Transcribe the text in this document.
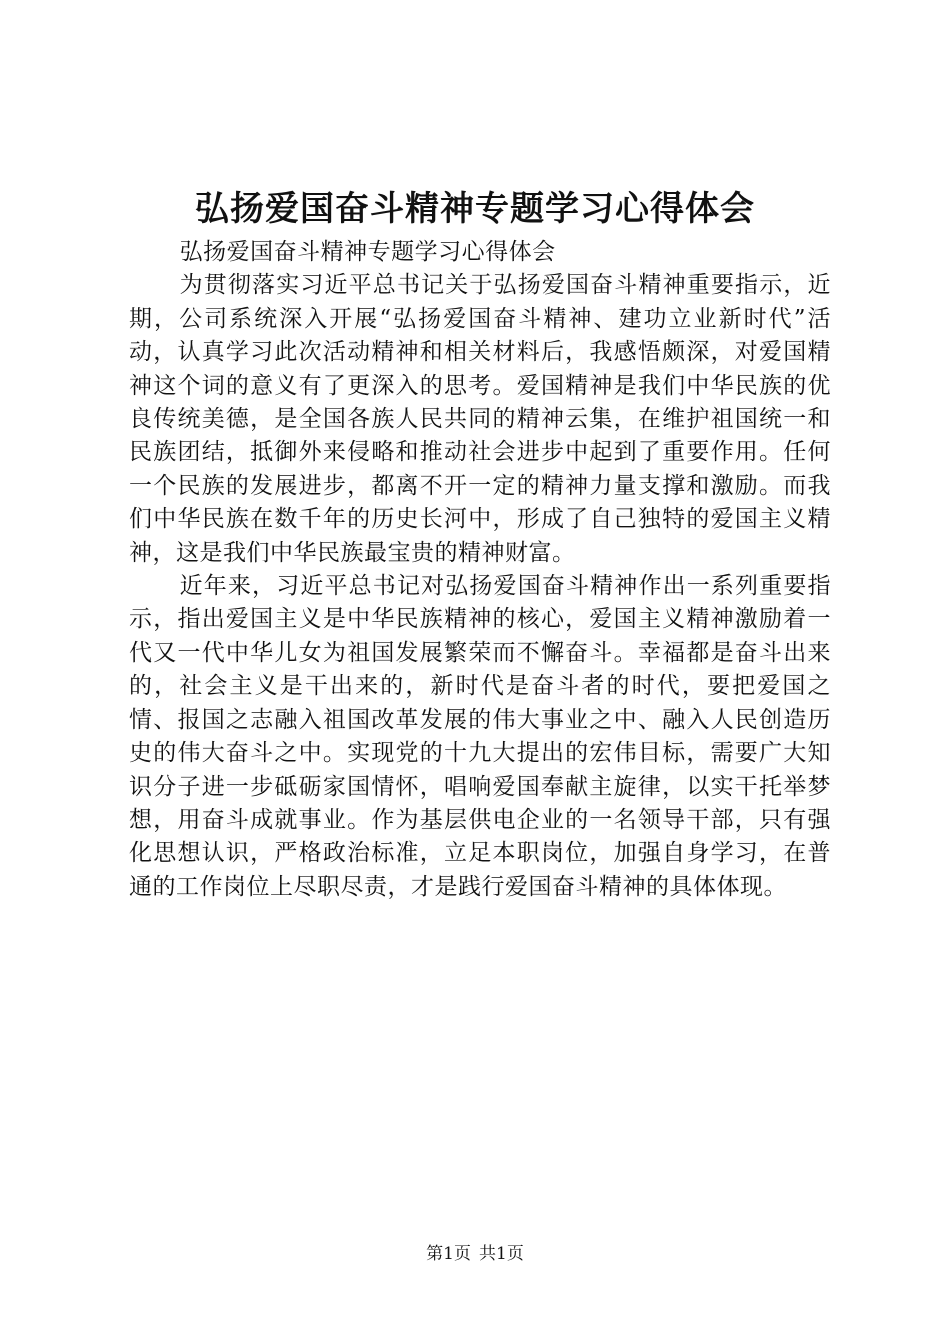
弘扬爱国奋斗精神专题学习心得体会

弘扬爱国奋斗精神专题学习心得体会

为贯彻落实习近平总书记关于弘扬爱国奋斗精神重要指示，近期，公司系统深入开展“弘扬爱国奋斗精神、建功立业新时代”活动，认真学习此次活动精神和相关材料后，我感悟颇深，对爱国精神这个词的意义有了更深入的思考。爱国精神是我们中华民族的优良传统美德，是全国各族人民共同的精神云集，在维护祖国统一和民族团结，抵御外来侵略和推动社会进步中起到了重要作用。任何一个民族的发展进步，都离不开一定的精神力量支撑和激励。而我们中华民族在数千年的历史长河中，形成了自己独特的爱国主义精神，这是我们中华民族最宝贵的精神财富。

近年来，习近平总书记对弘扬爱国奋斗精神作出一系列重要指示，指出爱国主义是中华民族精神的核心，爱国主义精神激励着一代又一代中华儿女为祖国发展繁荣而不懈奋斗。幸福都是奋斗出来的，社会主义是干出来的，新时代是奋斗者的时代，要把爱国之情、报国之志融入祖国改革发展的伟大事业之中、融入人民创造历史的伟大奋斗之中。实现党的十九大提出的宏伟目标，需要广大知识分子进一步砥砺家国情怀，唱响爱国奉献主旋律，以实干托举梦想，用奋斗成就事业。作为基层供电企业的一名领导干部，只有强化思想认识，严格政治标准，立足本职岗位，加强自身学习，在普通的工作岗位上尽职尽责，才是践行爱国奋斗精神的具体体现。

第1页 共1页
